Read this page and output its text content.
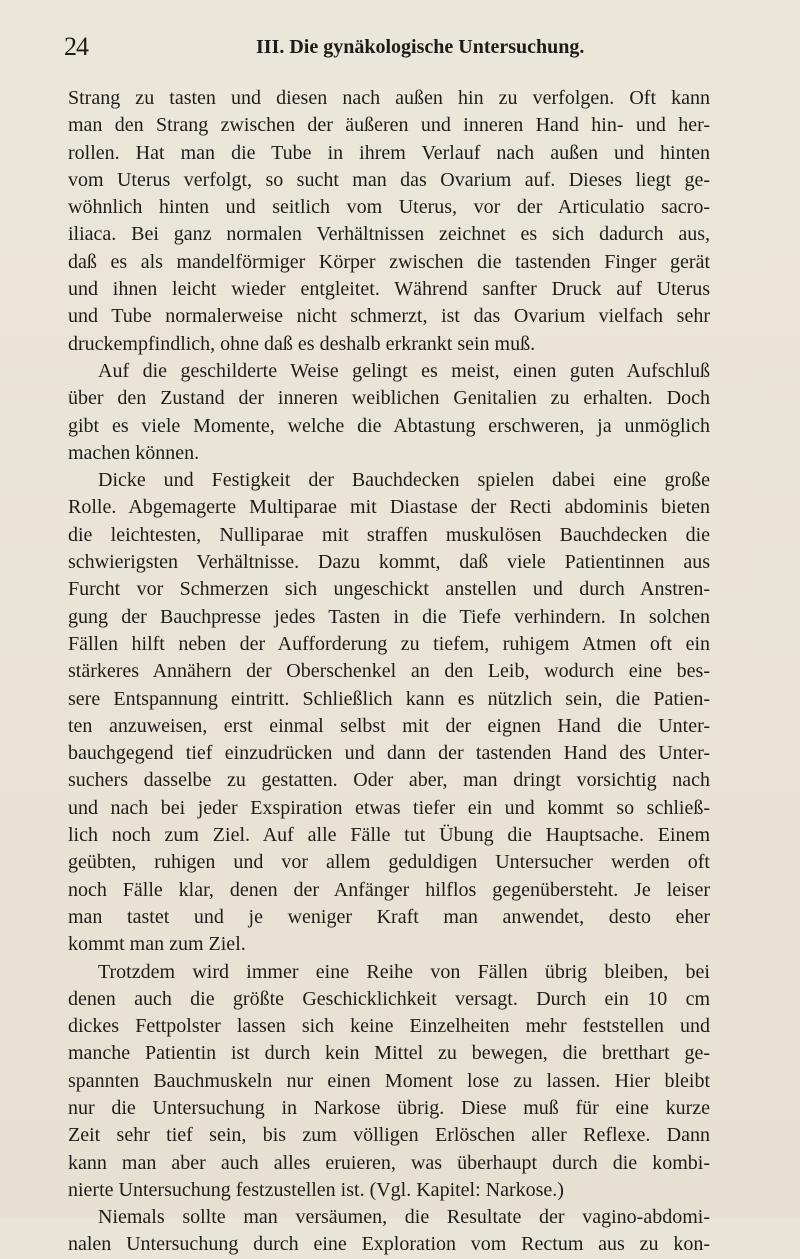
24	III. Die gynäkologische Untersuchung.
Strang zu tasten und diesen nach außen hin zu verfolgen. Oft kann
man den Strang zwischen der äußeren und inneren Hand hin- und her-
rollen. Hat man die Tube in ihrem Verlauf nach außen und hinten
vom Uterus verfolgt, so sucht man das Ovarium auf. Dieses liegt ge-
wöhnlich hinten und seitlich vom Uterus, vor der Articulatio sacro-
iliaca. Bei ganz normalen Verhältnissen zeichnet es sich dadurch aus,
daß es als mandelförmiger Körper zwischen die tastenden Finger gerät
und ihnen leicht wieder entgleitet. Während sanfter Druck auf Uterus
und Tube normalerweise nicht schmerzt, ist das Ovarium vielfach sehr
druckempfindlich, ohne daß es deshalb erkrankt sein muß.
Auf die geschilderte Weise gelingt es meist, einen guten Aufschluß
über den Zustand der inneren weiblichen Genitalien zu erhalten. Doch
gibt es viele Momente, welche die Abtastung erschweren, ja unmöglich
machen können.
Dicke und Festigkeit der Bauchdecken spielen dabei eine große
Rolle. Abgemagerte Multiparae mit Diastase der Recti abdominis bieten
die leichtesten, Nulliparae mit straffen muskulösen Bauchdecken die
schwierigsten Verhältnisse. Dazu kommt, daß viele Patientinnen aus
Furcht vor Schmerzen sich ungeschickt anstellen und durch Anstren-
gung der Bauchpresse jedes Tasten in die Tiefe verhindern. In solchen
Fällen hilft neben der Aufforderung zu tiefem, ruhigem Atmen oft ein
stärkeres Annähern der Oberschenkel an den Leib, wodurch eine bes-
sere Entspannung eintritt. Schließlich kann es nützlich sein, die Patien-
ten anzuweisen, erst einmal selbst mit der eignen Hand die Unter-
bauchgegend tief einzudrücken und dann der tastenden Hand des Unter-
suchers dasselbe zu gestatten. Oder aber, man dringt vorsichtig nach
und nach bei jeder Exspiration etwas tiefer ein und kommt so schließ-
lich noch zum Ziel. Auf alle Fälle tut Übung die Hauptsache. Einem
geübten, ruhigen und vor allem geduldigen Untersucher werden oft
noch Fälle klar, denen der Anfänger hilflos gegenübersteht. Je leiser
man tastet und je weniger Kraft man anwendet, desto eher
kommt man zum Ziel.
Trotzdem wird immer eine Reihe von Fällen übrig bleiben, bei
denen auch die größte Geschicklichkeit versagt. Durch ein 10 cm
dickes Fettpolster lassen sich keine Einzelheiten mehr feststellen und
manche Patientin ist durch kein Mittel zu bewegen, die bretthart ge-
spannten Bauchmuskeln nur einen Moment lose zu lassen. Hier bleibt
nur die Untersuchung in Narkose übrig. Diese muß für eine kurze
Zeit sehr tief sein, bis zum völligen Erlöschen aller Reflexe. Dann
kann man aber auch alles eruieren, was überhaupt durch die kombi-
nierte Untersuchung festzustellen ist. (Vgl. Kapitel: Narkose.)
Niemals sollte man versäumen, die Resultate der vagino-abdomi-
nalen Untersuchung durch eine Exploration vom Rectum aus zu kon-
